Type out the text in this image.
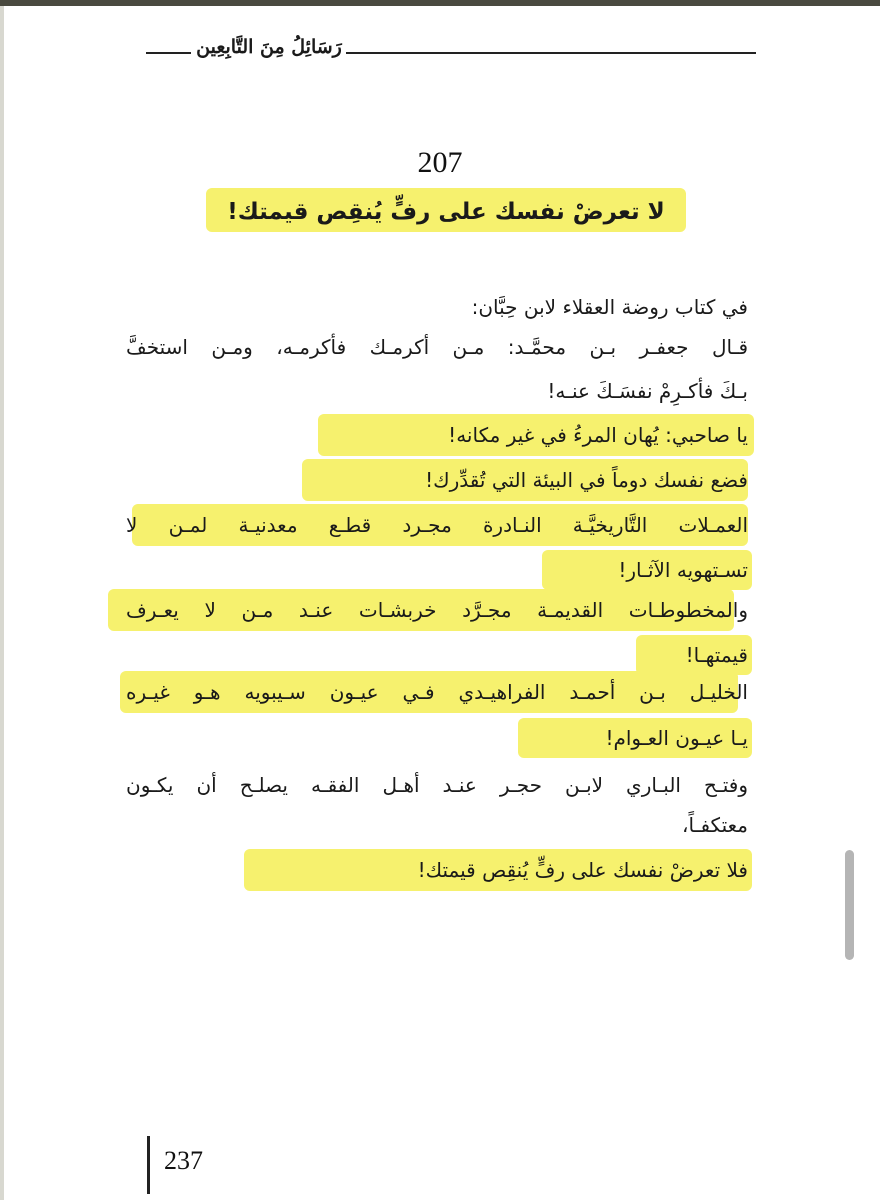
رَسَائِلُ مِنَ التَّابِعِين
207
لا تعرضْ نفسك على رفٍّ يُنقِص قيمتك!
في كتاب روضة العقلاء لابن حِبَّان:
قـال جعفـر بـن محمَّـد: مـن أكرمـك فأكرمـه، ومـن استخفَّ
بـكَ فأكـرِمْ نفسَـكَ عنـه!
يا صاحبي: يُهان المرءُ في غير مكانه!
فضع نفسك دوماً في البيئة التي تُقدِّرك!
العمـلات التَّاريخيَّـة النـادرة مجـرد قطـع معدنيـة لمـن لا
تسـتهويه الآثـار!
والمخطوطـات القديمـة مجـرَّد خربشـات عنـد مـن لا يعـرف
قيمتهـا!
الخليـل بـن أحمـد الفراهيـدي فـي عيـون سـيبويه هـو غيـره
يـا عيـون العـوام!
وفتـح البـاري لابـن حجـر عنـد أهـل الفقـه يصلـح أن يكـون
معتكفـاً،
فلا تعرضْ نفسك على رفٍّ يُنقِص قيمتك!
237
